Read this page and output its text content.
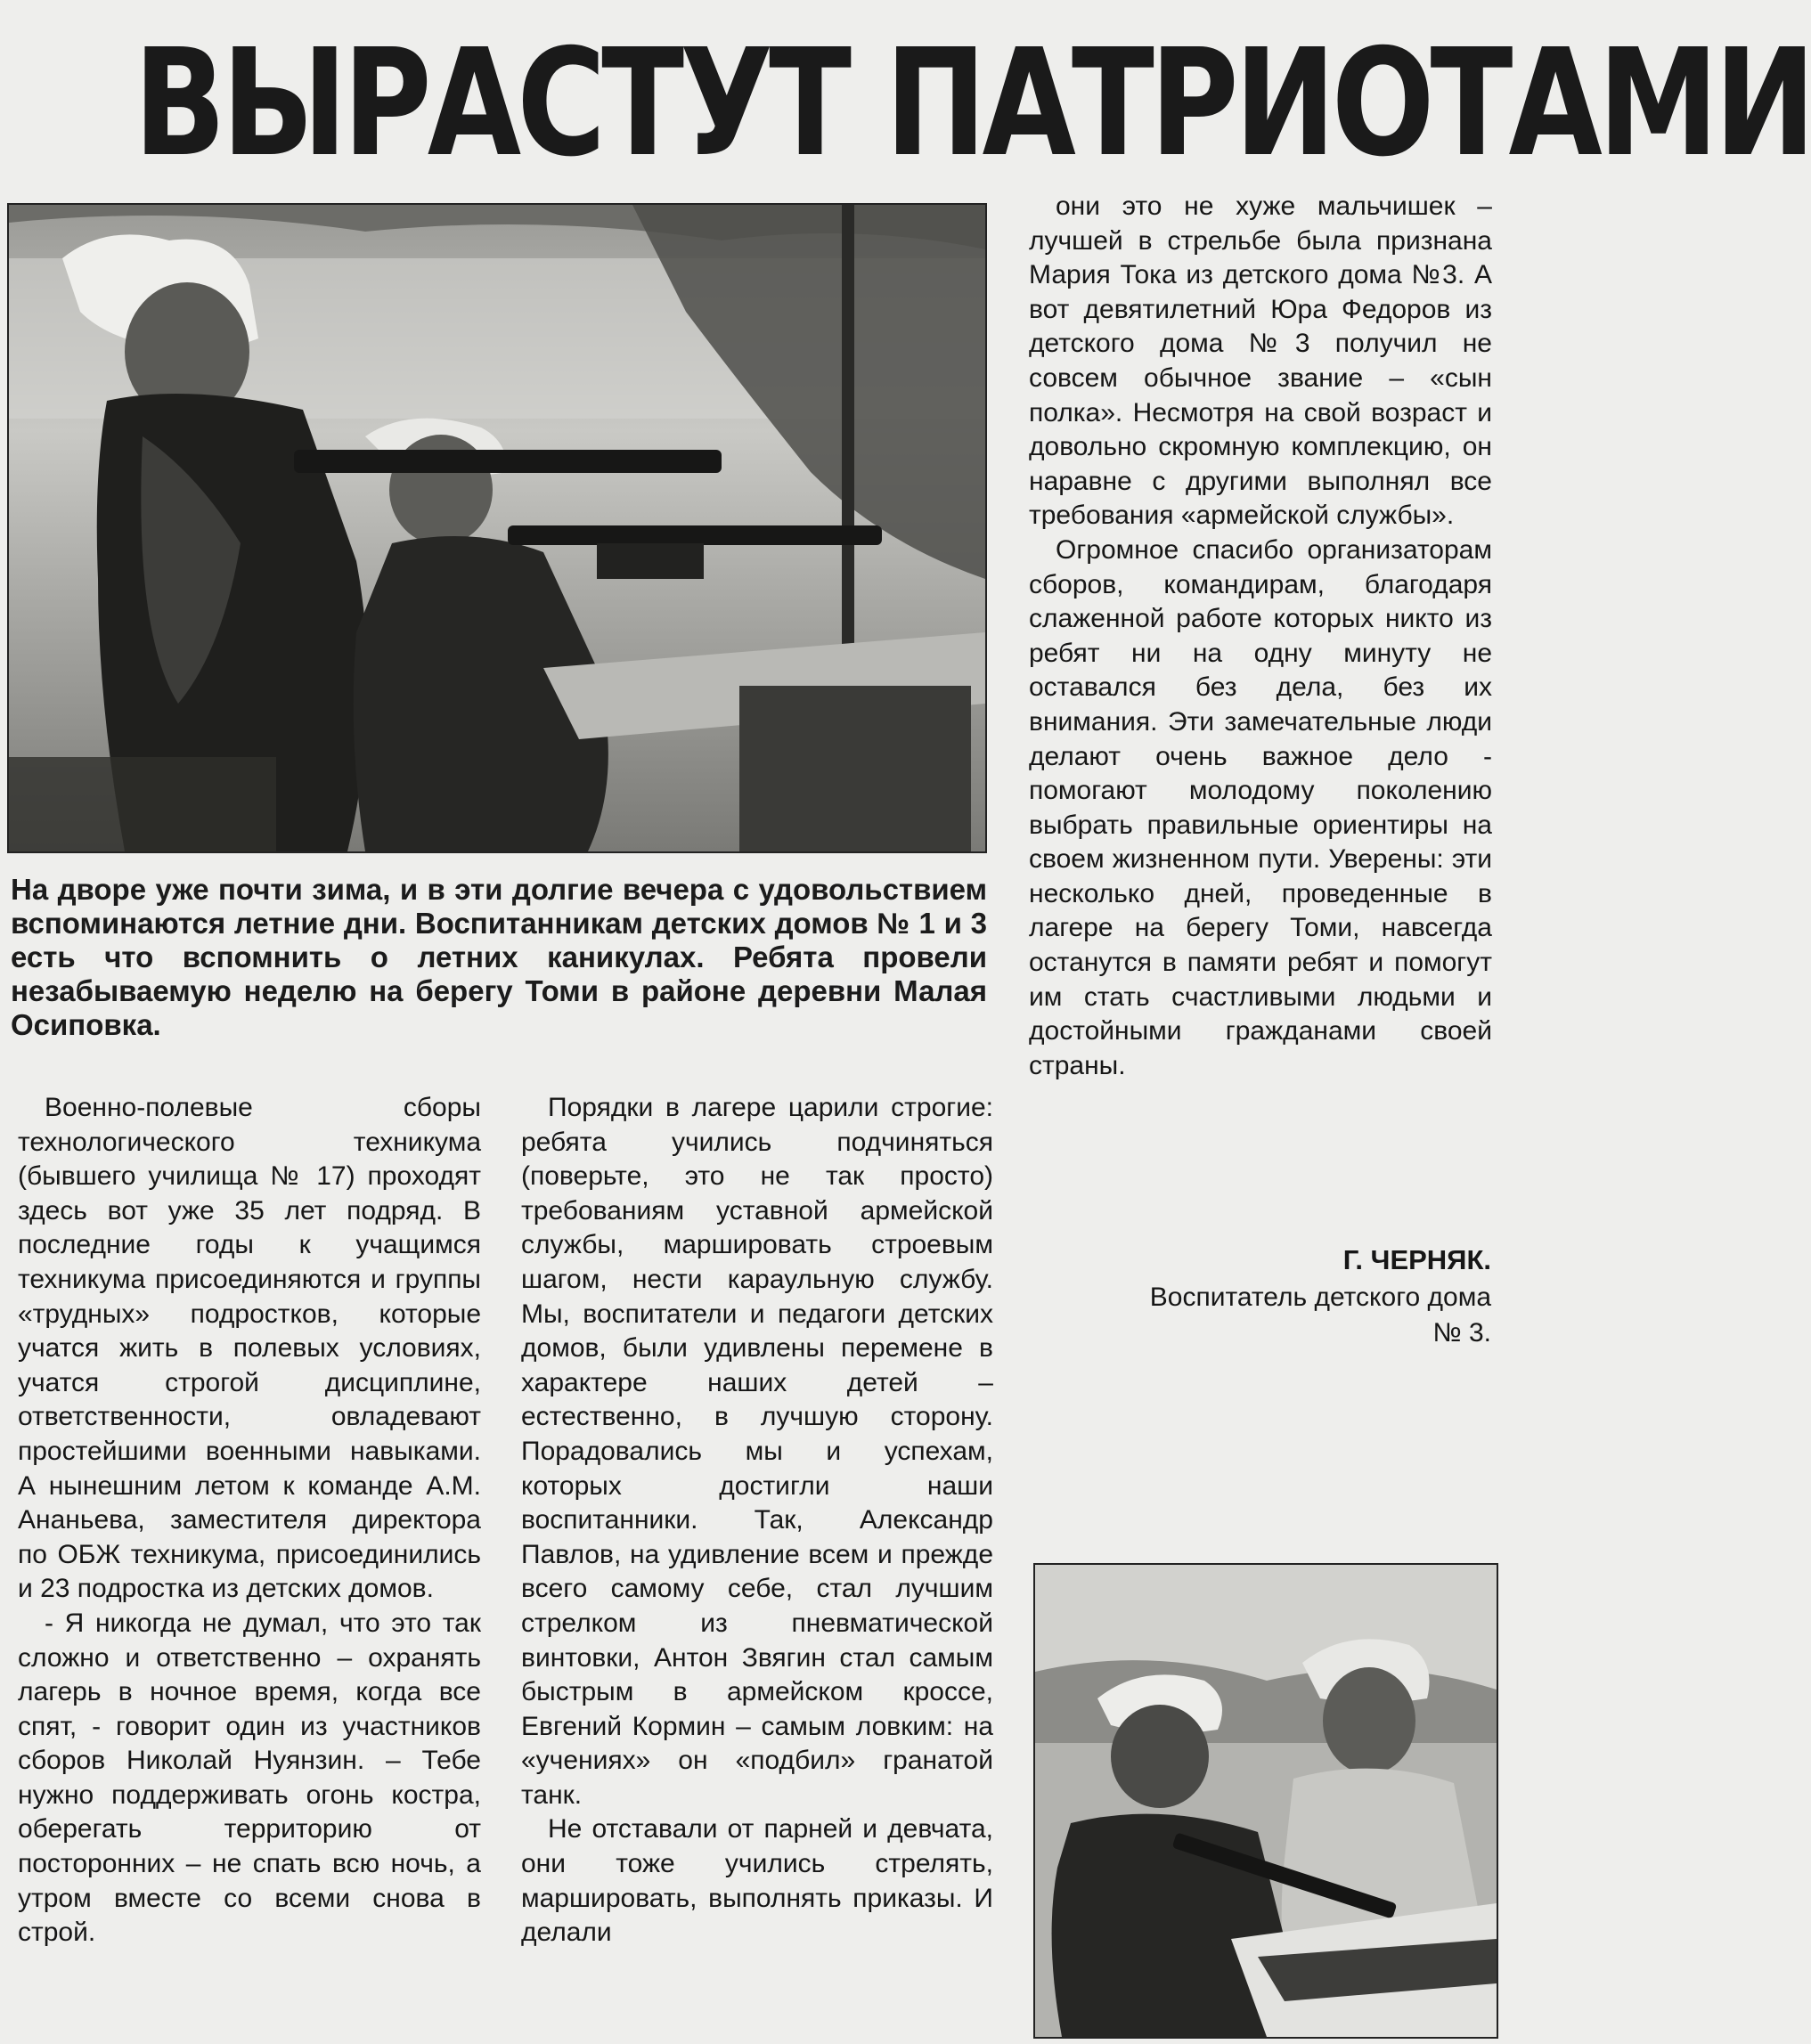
ВЫРАСТУТ ПАТРИОТАМИ

На дворе уже почти зима, и в эти долгие вечера с удовольствием вспоминаются летние дни. Воспитанникам детских домов № 1 и 3 есть что вспомнить о летних каникулах. Ребята провели незабываемую неделю на берегу Томи в районе деревни Малая Осиповка.

Военно-полевые сборы технологического техникума (бывшего училища № 17) проходят здесь вот уже 35 лет подряд. В последние годы к учащимся техникума присоединяются и группы «трудных» подростков, которые учатся жить в полевых условиях, учатся строгой дисциплине, ответственности, овладевают простейшими военными навыками. А нынешним летом к команде А.М. Ананьева, заместителя директора по ОБЖ техникума, присоединились и 23 подростка из детских домов.

- Я никогда не думал, что это так сложно и ответственно – охранять лагерь в ночное время, когда все спят, - говорит один из участников сборов Николай Нуянзин. – Тебе нужно поддерживать огонь костра, оберегать территорию от посторонних – не спать всю ночь, а утром вместе со всеми снова в строй.

Порядки в лагере царили строгие: ребята учились подчиняться (поверьте, это не так просто) требованиям уставной армейской службы, маршировать строевым шагом, нести караульную службу. Мы, воспитатели и педагоги детских домов, были удивлены перемене в характере наших детей – естественно, в лучшую сторону. Порадовались мы и успехам, которых достигли наши воспитанники. Так, Александр Павлов, на удивление всем и прежде всего самому себе, стал лучшим стрелком из пневматической винтовки, Антон Звягин стал самым быстрым в армейском кроссе, Евгений Кормин – самым ловким: на «учениях» он «подбил» гранатой танк.

Не отставали от парней и девчата, они тоже учились стрелять, маршировать, выполнять приказы. И делали

они это не хуже мальчишек – лучшей в стрельбе была признана Мария Тока из детского дома №3. А вот девятилетний Юра Федоров из детского дома №3 получил не совсем обычное звание – «сын полка». Несмотря на свой возраст и довольно скромную комплекцию, он наравне с другими выполнял все требования «армейской службы».

Огромное спасибо организаторам сборов, командирам, благодаря слаженной работе которых никто из ребят ни на одну минуту не оставался без дела, без их внимания. Эти замечательные люди делают очень важное дело - помогают молодому поколению выбрать правильные ориентиры на своем жизненном пути. Уверены: эти несколько дней, проведенные в лагере на берегу Томи, навсегда останутся в памяти ребят и помогут им стать счастливыми людьми и достойными гражданами своей страны.

Г. ЧЕРНЯК.

Воспитатель детского дома № 3.
